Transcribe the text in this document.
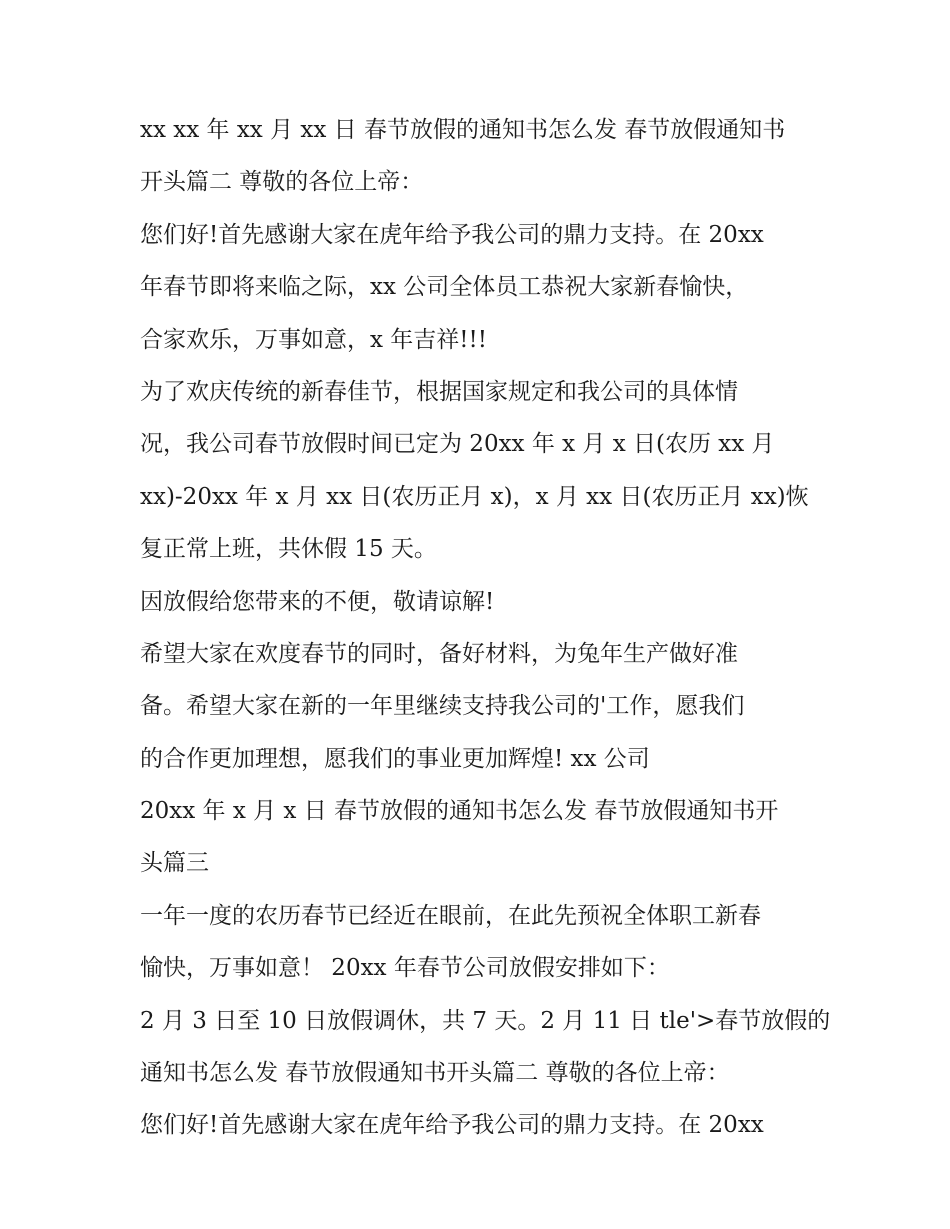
xx xx 年 xx 月 xx 日 春节放假的通知书怎么发 春节放假通知书
开头篇二 尊敬的各位上帝：
您们好!首先感谢大家在虎年给予我公司的鼎力支持。在 20xx
年春节即将来临之际，xx 公司全体员工恭祝大家新春愉快，
合家欢乐，万事如意，x 年吉祥!!!
为了欢庆传统的新春佳节，根据国家规定和我公司的具体情
况，我公司春节放假时间已定为 20xx 年 x 月 x 日(农历 xx 月
xx)-20xx 年 x 月 xx 日(农历正月 x)，x 月 xx 日(农历正月 xx)恢
复正常上班，共休假 15 天。
因放假给您带来的不便，敬请谅解!
希望大家在欢度春节的同时，备好材料，为兔年生产做好准
备。希望大家在新的一年里继续支持我公司的'工作，愿我们
的合作更加理想，愿我们的事业更加辉煌! xx 公司
20xx 年 x 月 x 日 春节放假的通知书怎么发 春节放假通知书开
头篇三
一年一度的农历春节已经近在眼前，在此先预祝全体职工新春
愉快，万事如意！ 20xx 年春节公司放假安排如下：
2 月 3 日至 10 日放假调休，共 7 天。2 月 11 日 tle'>春节放假的
通知书怎么发 春节放假通知书开头篇二 尊敬的各位上帝：
您们好!首先感谢大家在虎年给予我公司的鼎力支持。在 20xx
